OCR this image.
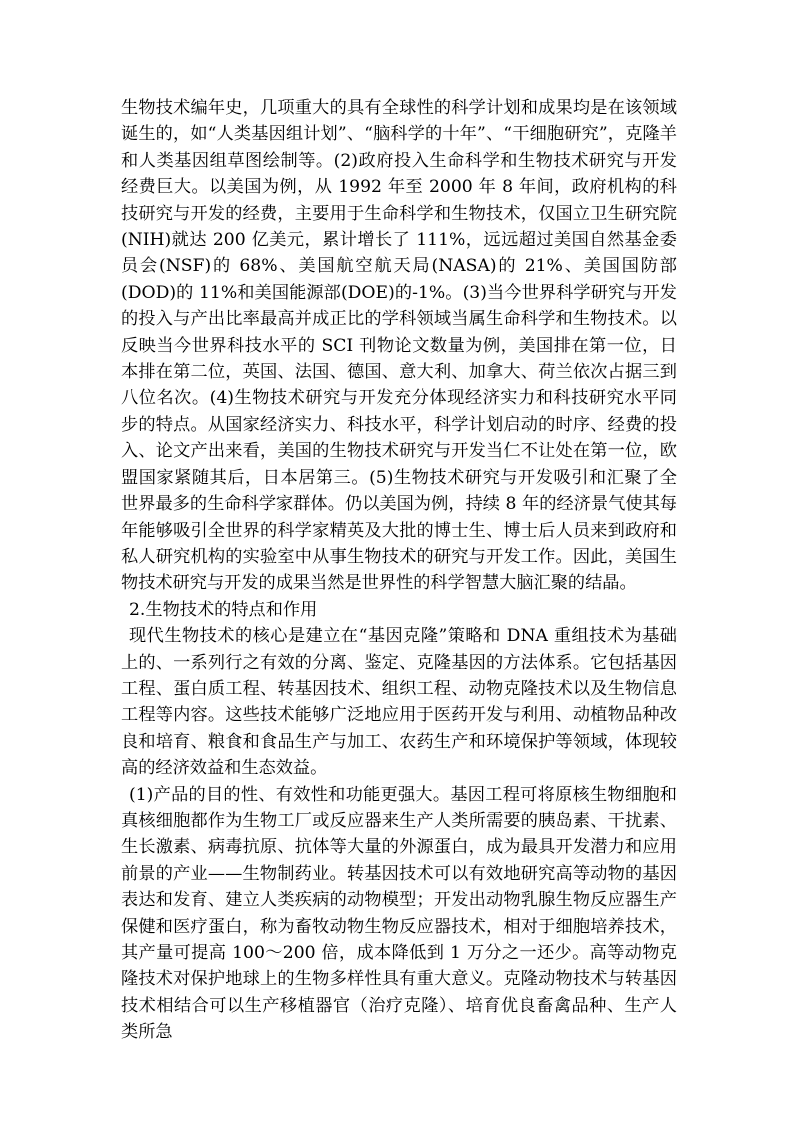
生物技术编年史，几项重大的具有全球性的科学计划和成果均是在该领域诞生的，如“人类基因组计划”、“脑科学的十年”、“干细胞研究”，克隆羊和人类基因组草图绘制等。(2)政府投入生命科学和生物技术研究与开发经费巨大。以美国为例，从 1992 年至 2000 年 8 年间，政府机构的科技研究与开发的经费，主要用于生命科学和生物技术，仅国立卫生研究院(NIH)就达 200 亿美元，累计增长了 111%，远远超过美国自然基金委员会(NSF)的 68%、美国航空航天局(NASA)的 21%、美国国防部(DOD)的 11%和美国能源部(DOE)的-1%。(3)当今世界科学研究与开发的投入与产出比率最高并成正比的学科领域当属生命科学和生物技术。以反映当今世界科技水平的 SCI 刊物论文数量为例，美国排在第一位，日本排在第二位，英国、法国、德国、意大利、加拿大、荷兰依次占据三到八位名次。(4)生物技术研究与开发充分体现经济实力和科技研究水平同步的特点。从国家经济实力、科技水平，科学计划启动的时序、经费的投入、论文产出来看，美国的生物技术研究与开发当仁不让处在第一位，欧盟国家紧随其后，日本居第三。(5)生物技术研究与开发吸引和汇聚了全世界最多的生命科学家群体。仍以美国为例，持续 8 年的经济景气使其每年能够吸引全世界的科学家精英及大批的博士生、博士后人员来到政府和私人研究机构的实验室中从事生物技术的研究与开发工作。因此，美国生物技术研究与开发的成果当然是世界性的科学智慧大脑汇聚的结晶。

2.生物技术的特点和作用

现代生物技术的核心是建立在“基因克隆”策略和 DNA 重组技术为基础上的、一系列行之有效的分离、鉴定、克隆基因的方法体系。它包括基因工程、蛋白质工程、转基因技术、组织工程、动物克隆技术以及生物信息工程等内容。这些技术能够广泛地应用于医药开发与利用、动植物品种改良和培育、粮食和食品生产与加工、农药生产和环境保护等领域，体现较高的经济效益和生态效益。

(1)产品的目的性、有效性和功能更强大。基因工程可将原核生物细胞和真核细胞都作为生物工厂或反应器来生产人类所需要的胰岛素、干扰素、生长激素、病毒抗原、抗体等大量的外源蛋白，成为最具开发潜力和应用前景的产业——生物制药业。转基因技术可以有效地研究高等动物的基因表达和发育、建立人类疾病的动物模型；开发出动物乳腺生物反应器生产保健和医疗蛋白，称为畜牧动物生物反应器技术，相对于细胞培养技术，其产量可提高 100～200 倍，成本降低到 1 万分之一还少。高等动物克隆技术对保护地球上的生物多样性具有重大意义。克隆动物技术与转基因技术相结合可以生产移植器官（治疗克隆）、培育优良畜禽品种、生产人类所急
